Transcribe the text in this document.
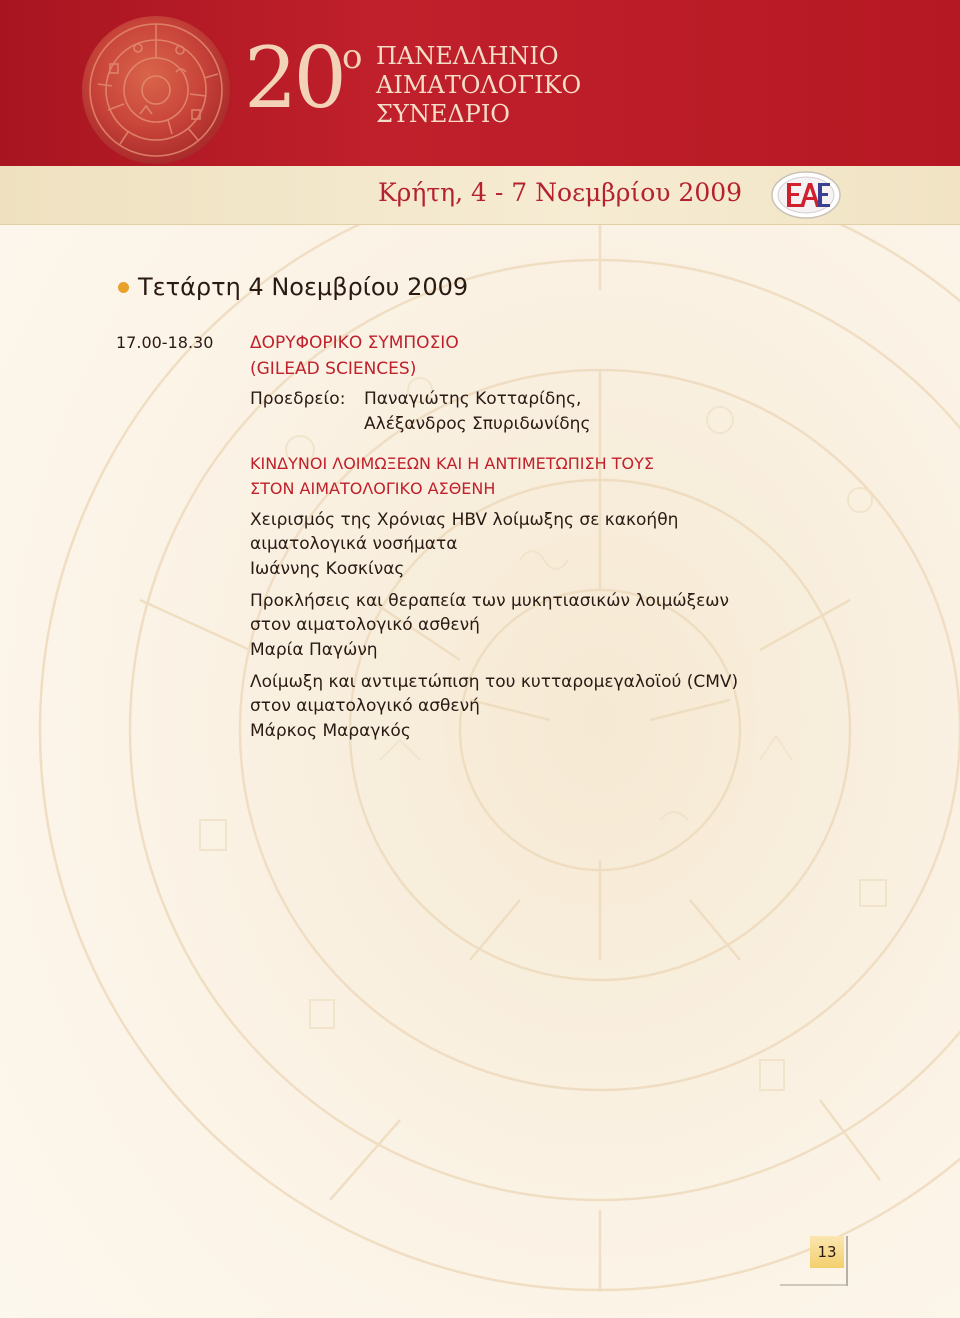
20 ο ΠΑΝΕΛΛΗΝΙΟ
ΑΙΜΑΤΟΛΟΓΙΚΟ
ΣΥΝΕΔΡΙΟ
Κρήτη, 4 - 7 Νοεμβρίου 2009
Τετάρτη 4 Νοεμβρίου 2009
17.00-18.30 ΔΟΡΥΦΟΡΙΚΟ ΣΥΜΠΟΣΙΟ
(GILEAD SCIENCES)
Προεδρείο: Παναγιώτης Κοτταρίδης,
Αλέξανδρος Σπυριδωνίδης
ΚΙΝΔΥΝΟΙ ΛΟΙΜΩΞΕΩΝ ΚΑΙ Η ΑΝΤΙΜΕΤΩΠΙΣΗ ΤΟΥΣ
ΣΤΟΝ ΑΙΜΑΤΟΛΟΓΙΚΟ ΑΣΘΕΝΗ
Χειρισμός της Χρόνιας HBV λοίμωξης σε κακοήθη
αιματολογικά νοσήματα
Ιωάννης Κοσκίνας
Προκλήσεις και θεραπεία των μυκητιασικών λοιμώξεων
στον αιματολογικό ασθενή
Μαρία Παγώνη
Λοίμωξη και αντιμετώπιση του κυτταρομεγαλοϊού (CMV)
στον αιματολογικό ασθενή
Μάρκος Μαραγκός
13
